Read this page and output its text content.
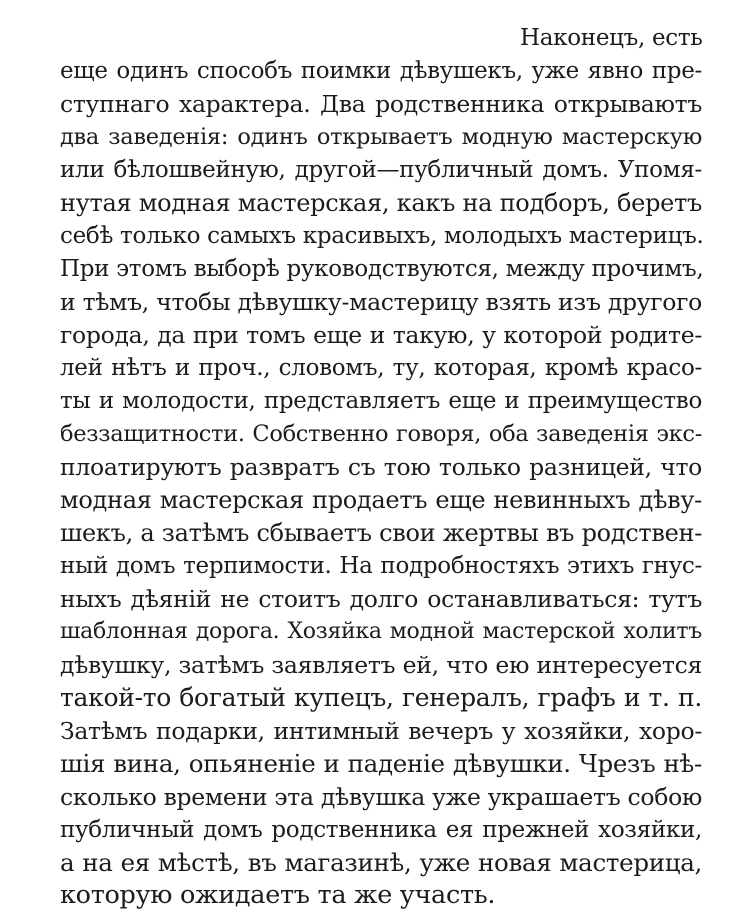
Наконецъ, есть
еще одинъ способъ поимки дѣвушекъ, уже явно пре-
ступнаго характера. Два родственника открываютъ
два заведенія: одинъ открываетъ модную мастерскую
или бѣлошвейную, другой—публичный домъ. Упомя-
нутая модная мастерская, какъ на подборъ, беретъ
себѣ только самыхъ красивыхъ, молодыхъ мастерицъ.
При этомъ выборѣ руководствуются, между прочимъ,
и тѣмъ, чтобы дѣвушку-мастерицу взять изъ другого
города, да при томъ еще и такую, у которой родите-
лей нѣтъ и проч., словомъ, ту, которая, кромѣ красо-
ты и молодости, представляетъ еще и преимущество
беззащитности. Собственно говоря, оба заведенія экс-
плоатируютъ развратъ съ тою только разницей, что
модная мастерская продаетъ еще невинныхъ дѣву-
шекъ, а затѣмъ сбываетъ свои жертвы въ родствен-
ный домъ терпимости. На подробностяхъ этихъ гнус-
ныхъ дѣяній не стоитъ долго останавливаться: тутъ
шаблонная дорога. Хозяйка модной мастерской холитъ
дѣвушку, затѣмъ заявляетъ ей, что ею интересуется
такой-то богатый купецъ, генералъ, графъ и т. п.
Затѣмъ подарки, интимный вечеръ у хозяйки, хоро-
шія вина, опьяненіе и паденіе дѣвушки. Чрезъ нѣ-
сколько времени эта дѣвушка уже украшаетъ собою
публичный домъ родственника ея прежней хозяйки,
а на ея мѣстѣ, въ магазинѣ, уже новая мастерица,
которую ожидаетъ та же участь.
